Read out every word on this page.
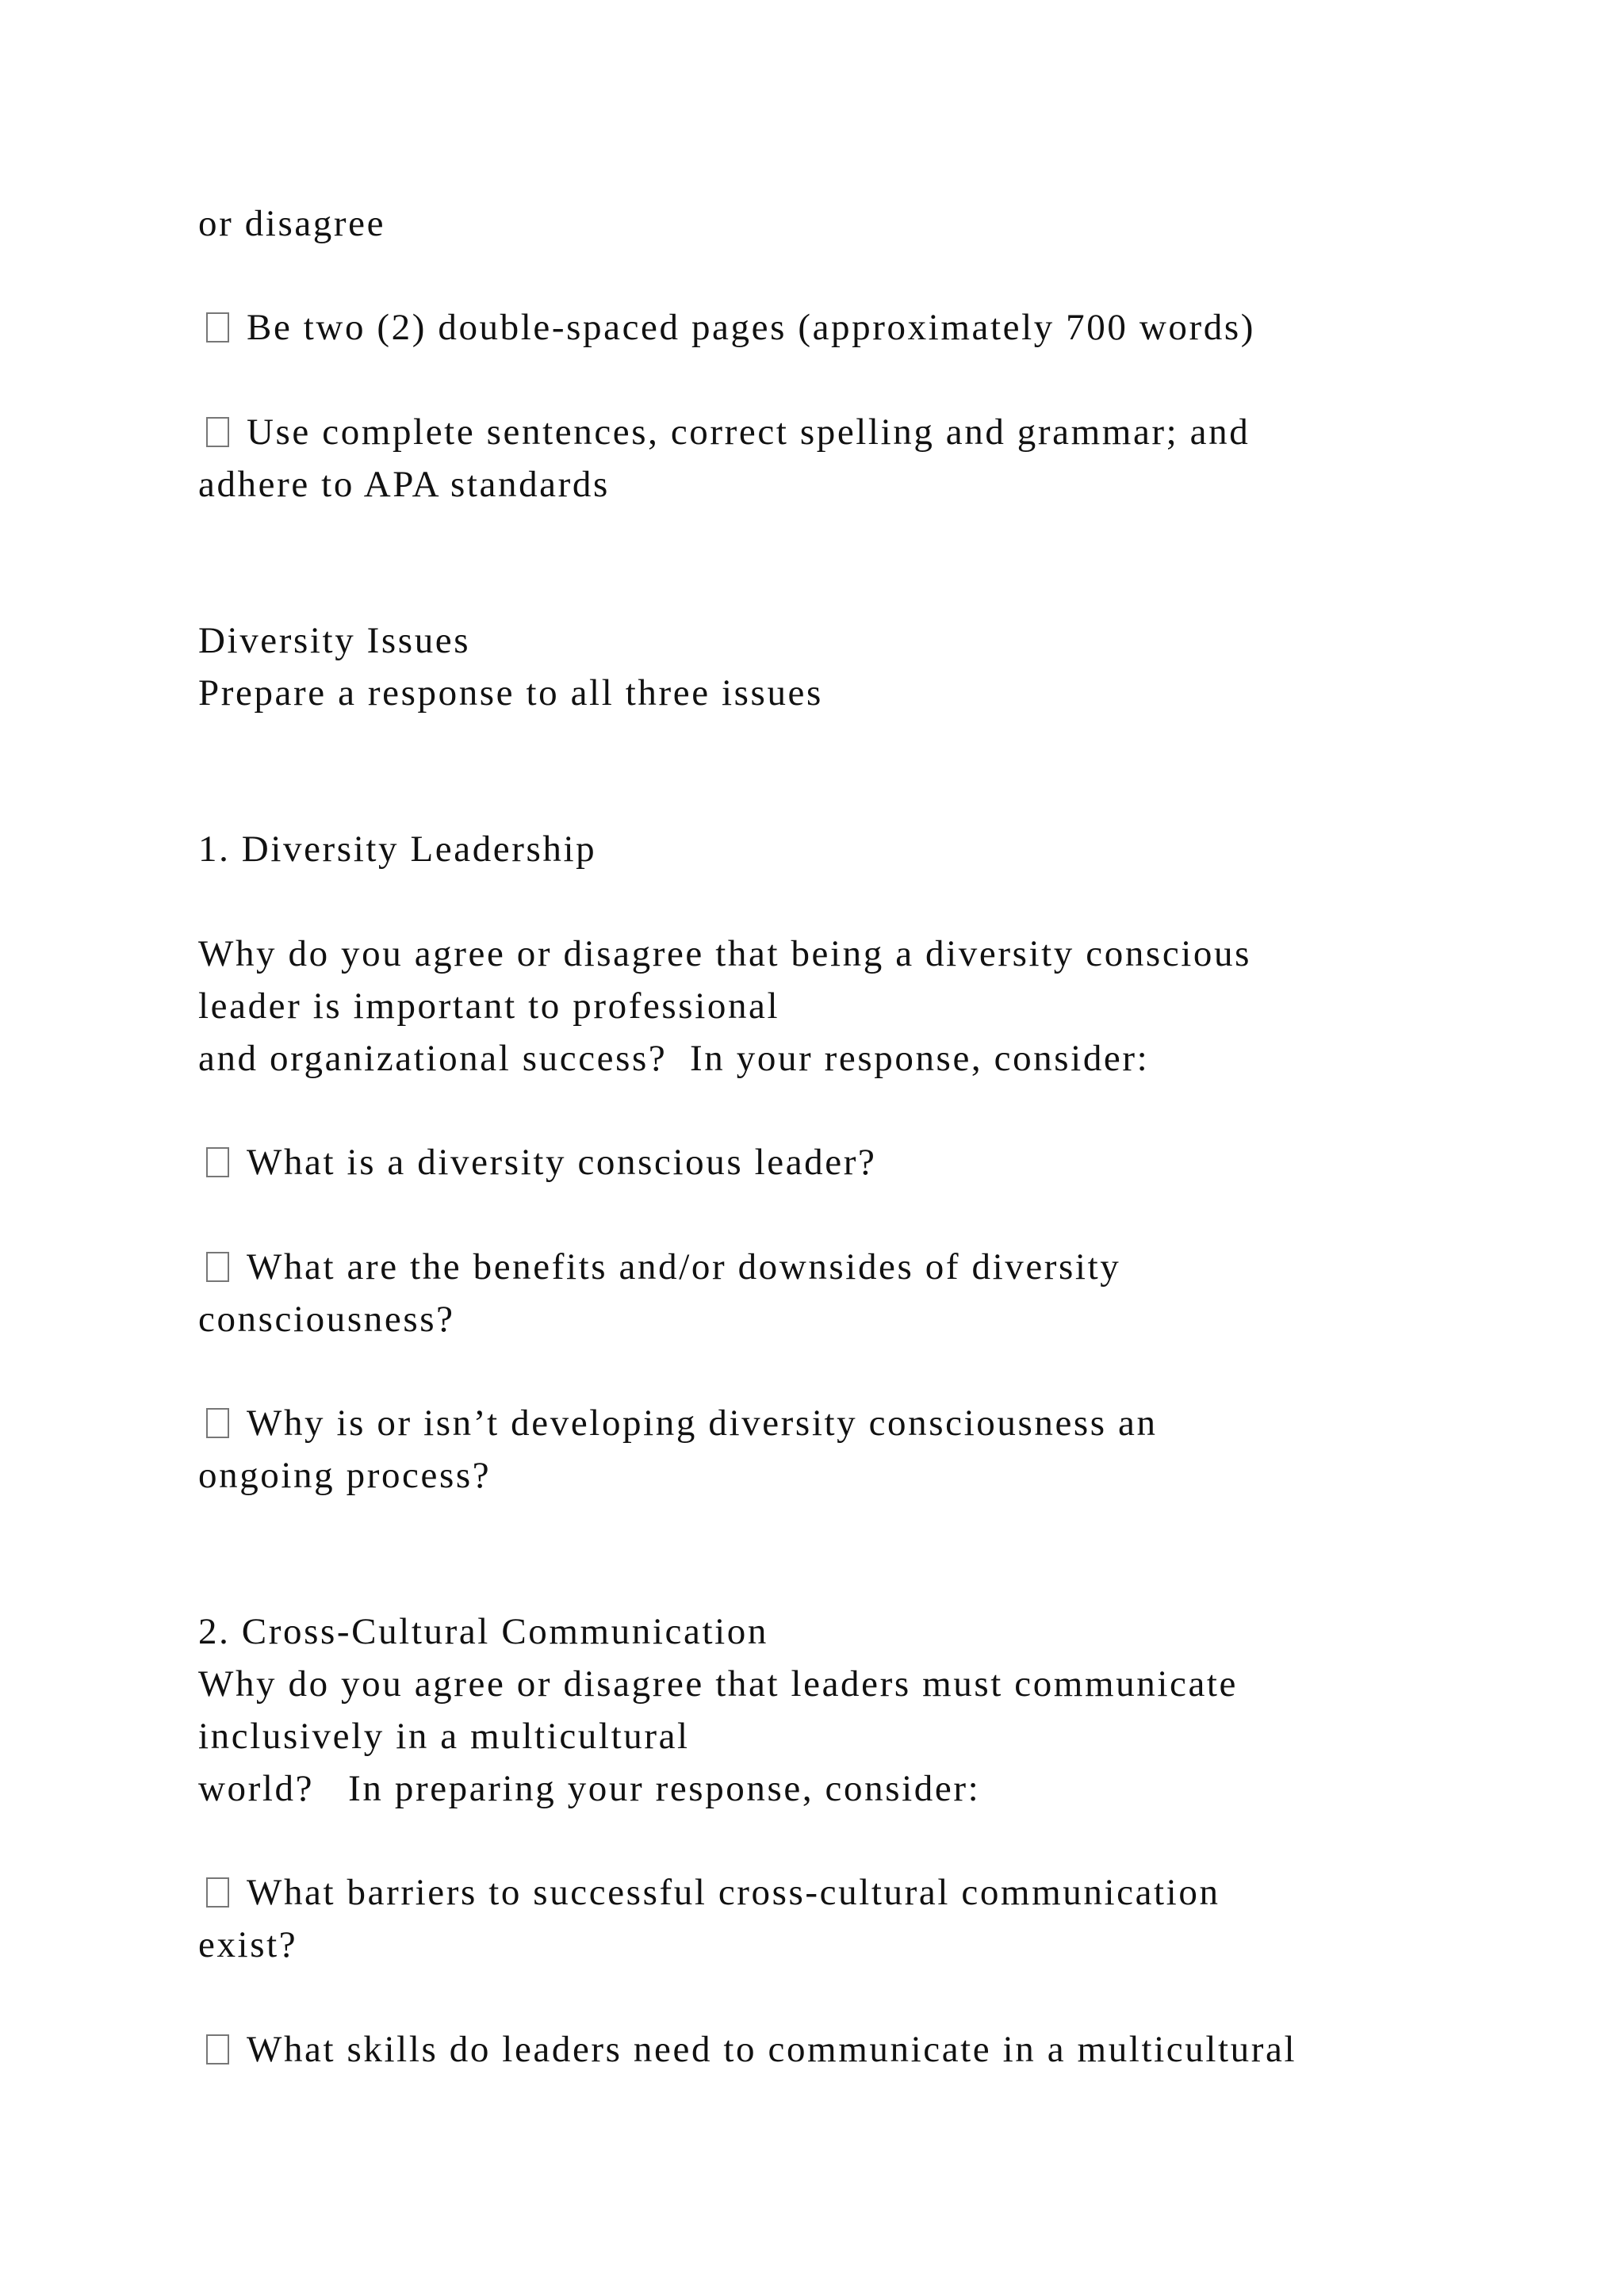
or disagree

Be two (2) double-spaced pages (approximately 700 words)

Use complete sentences, correct spelling and grammar; and

adhere to APA standards

Diversity Issues

Prepare a response to all three issues

1. Diversity Leadership

Why do you agree or disagree that being a diversity conscious

leader is important to professional

and organizational success?  In your response, consider:

What is a diversity conscious leader?

What are the benefits and/or downsides of diversity

consciousness?

Why is or isn’t developing diversity consciousness an

ongoing process?

2. Cross-Cultural Communication

Why do you agree or disagree that leaders must communicate

inclusively in a multicultural

world?   In preparing your response, consider:

What barriers to successful cross-cultural communication

exist?

What skills do leaders need to communicate in a multicultural
